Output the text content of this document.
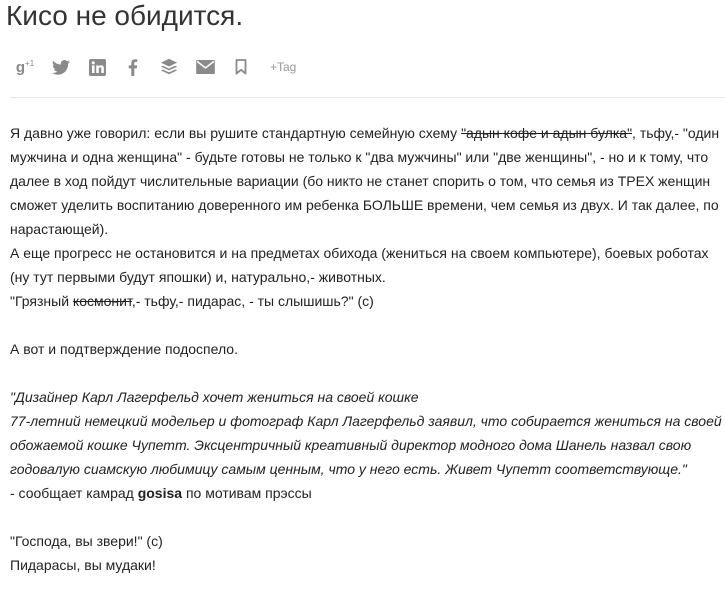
Кисо не обидится.
$g^{+1}$	+Tag

Я давно уже говорил: если вы рушите стандартную семейную схему "адын кофе и адын булка", тьфу,- "один мужчина и одна женщина" - будьте готовы не только к "два мужчины" или "две женщины", - но и к тому, что далее в ход пойдут числительные вариации (бо никто не станет спорить о том, что семья из ТРЕХ женщин сможет уделить воспитанию доверенного им ребенка БОЛЬШЕ времени, чем семья из двух. И так далее, по нарастающей).

А еще прогресс не остановится и на предметах обихода (жениться на своем компьютере), боевых роботах (ну тут первыми будут япошки) и, натурально,- животных.

"Грязный космонит,- тьфу,- пидарас, - ты слышишь?" (с)

А вот и подтверждение подоспело.

"Дизайнер Карл Лагерфельд хочет жениться на своей кошке

77-летний немецкий модельер и фотограф Карл Лагерфельд заявил, что собирается жениться на своей обожаемой кошке Чупетт. Эксцентричный креативный директор модного дома Шанель назвал свою годовалую сиамскую любимицу самым ценным, что у него есть. Живет Чупетт соответствующе."

- сообщает камрад gosisa по мотивам прэссы

"Господа, вы звери!" (с)

Пидарасы, вы мудаки!
